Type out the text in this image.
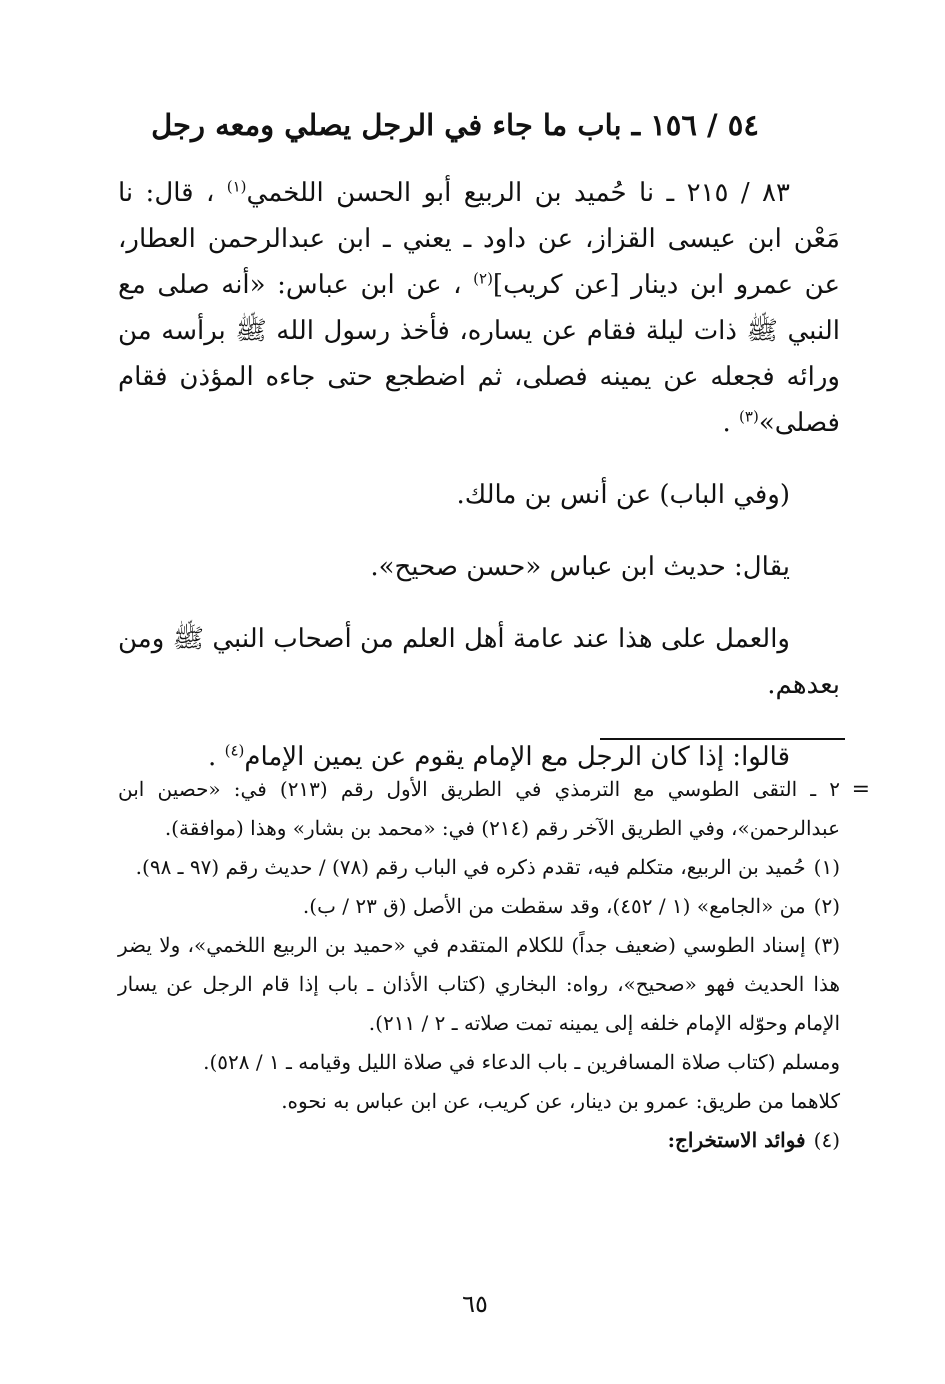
٥٤ / ١٥٦ ـ باب ما جاء في الرجل يصلي ومعه رجل

٨٣ / ٢١٥ ـ نا حُميد بن الربيع أبو الحسن اللخمي$^{(١)}$ ، قال: نا مَعْن ابن عيسى القزاز، عن داود ـ يعني ـ ابن عبدالرحمن العطار، عن عمرو ابن دينار [عن كريب]$^{(٢)}$ ، عن ابن عباس: «أنه صلى مع النبي ﷺ ذات ليلة فقام عن يساره، فأخذ رسول الله ﷺ برأسه من ورائه فجعله عن يمينه فصلى، ثم اضطجع حتى جاءه المؤذن فقام فصلى»$^{(٣)}$ .

(وفي الباب) عن أنس بن مالك.

يقال: حديث ابن عباس «حسن صحيح».

والعمل على هذا عند عامة أهل العلم من أصحاب النبي ﷺ ومن بعدهم.

قالوا: إذا كان الرجل مع الإمام يقوم عن يمين الإمام$^{(٤)}$ .

=
٢ ـ التقى الطوسي مع الترمذي في الطريق الأول رقم (٢١٣) في: «حصين ابن عبدالرحمن»، وفي الطريق الآخر رقم (٢١٤) في: «محمد بن بشار» وهذا (موافقة).

(١)حُميد بن الربيع، متكلم فيه، تقدم ذكره في الباب رقم (٧٨) / حديث رقم (٩٧ ـ ٩٨).

(٢)من «الجامع» (١ / ٤٥٢)، وقد سقطت من الأصل (ق ٢٣ / ب).

(٣)إسناد الطوسي (ضعيف جداً) للكلام المتقدم في «حميد بن الربيع اللخمي»، ولا يضر هذا الحديث فهو «صحيح»، رواه: البخاري (كتاب الأذان ـ باب إذا قام الرجل عن يسار الإمام وحوّله الإمام خلفه إلى يمينه تمت صلاته ـ ٢ / ٢١١).

ومسلم (كتاب صلاة المسافرين ـ باب الدعاء في صلاة الليل وقيامه ـ ١ / ٥٢٨).

كلاهما من طريق: عمرو بن دينار، عن كريب، عن ابن عباس به نحوه.

(٤)فوائد الاستخراج:

٦٥
